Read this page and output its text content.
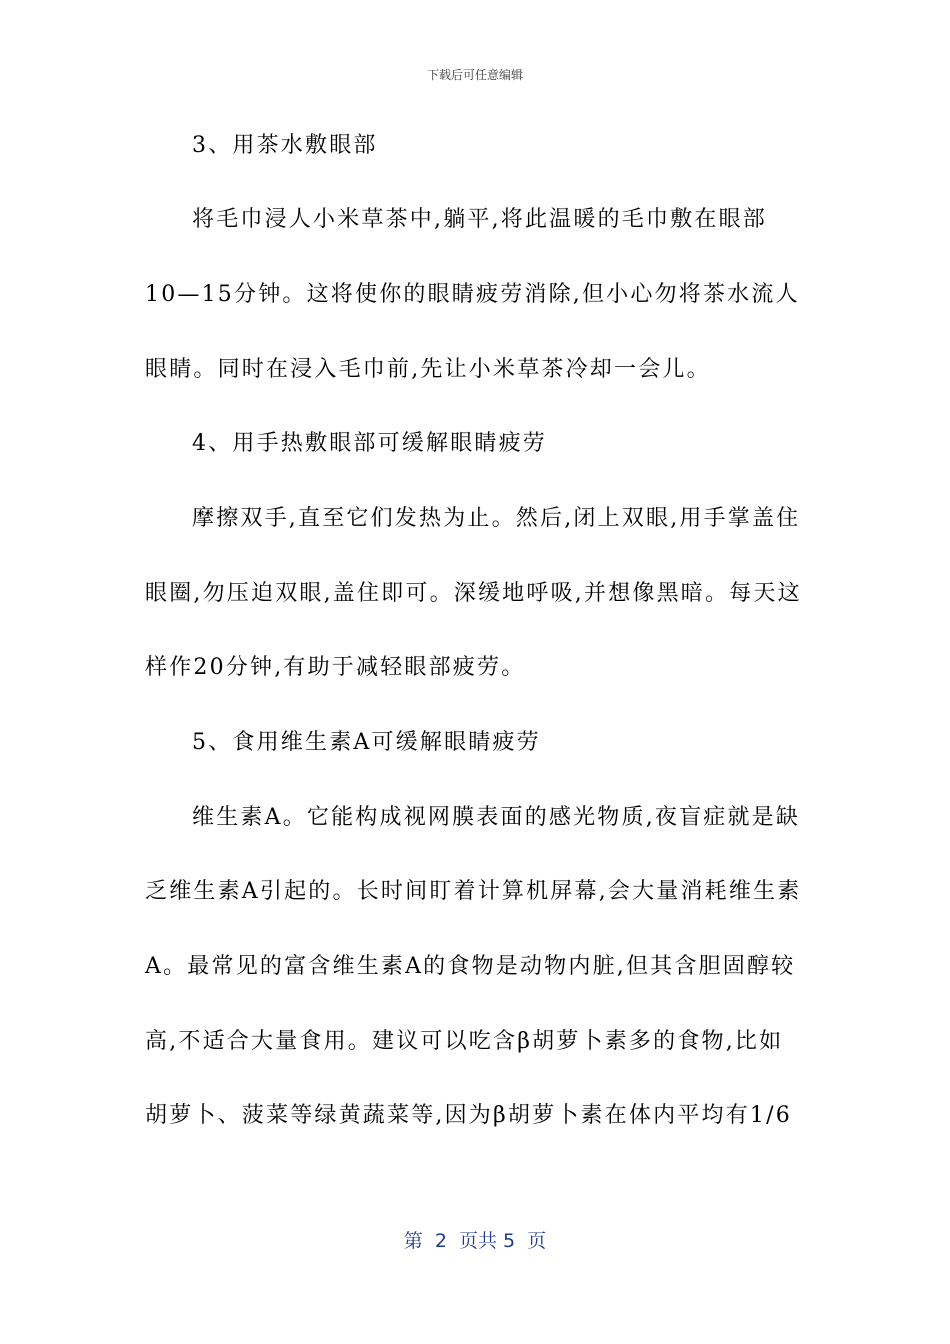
下载后可任意编辑
3、用茶水敷眼部
将毛巾浸人小米草茶中,躺平,将此温暖的毛巾敷在眼部
10—15分钟。这将使你的眼睛疲劳消除,但小心勿将茶水流人
眼睛。同时在浸入毛巾前,先让小米草茶冷却一会儿。
4、用手热敷眼部可缓解眼睛疲劳
摩擦双手,直至它们发热为止。然后,闭上双眼,用手掌盖住
眼圈,勿压迫双眼,盖住即可。深缓地呼吸,并想像黑暗。每天这
样作20分钟,有助于减轻眼部疲劳。
5、食用维生素A可缓解眼睛疲劳
维生素A。它能构成视网膜表面的感光物质,夜盲症就是缺
乏维生素A引起的。长时间盯着计算机屏幕,会大量消耗维生素
A。最常见的富含维生素A的食物是动物内脏,但其含胆固醇较
高,不适合大量食用。建议可以吃含β胡萝卜素多的食物,比如
胡萝卜、菠菜等绿黄蔬菜等,因为β胡萝卜素在体内平均有1/6
第  2  页共 5  页
